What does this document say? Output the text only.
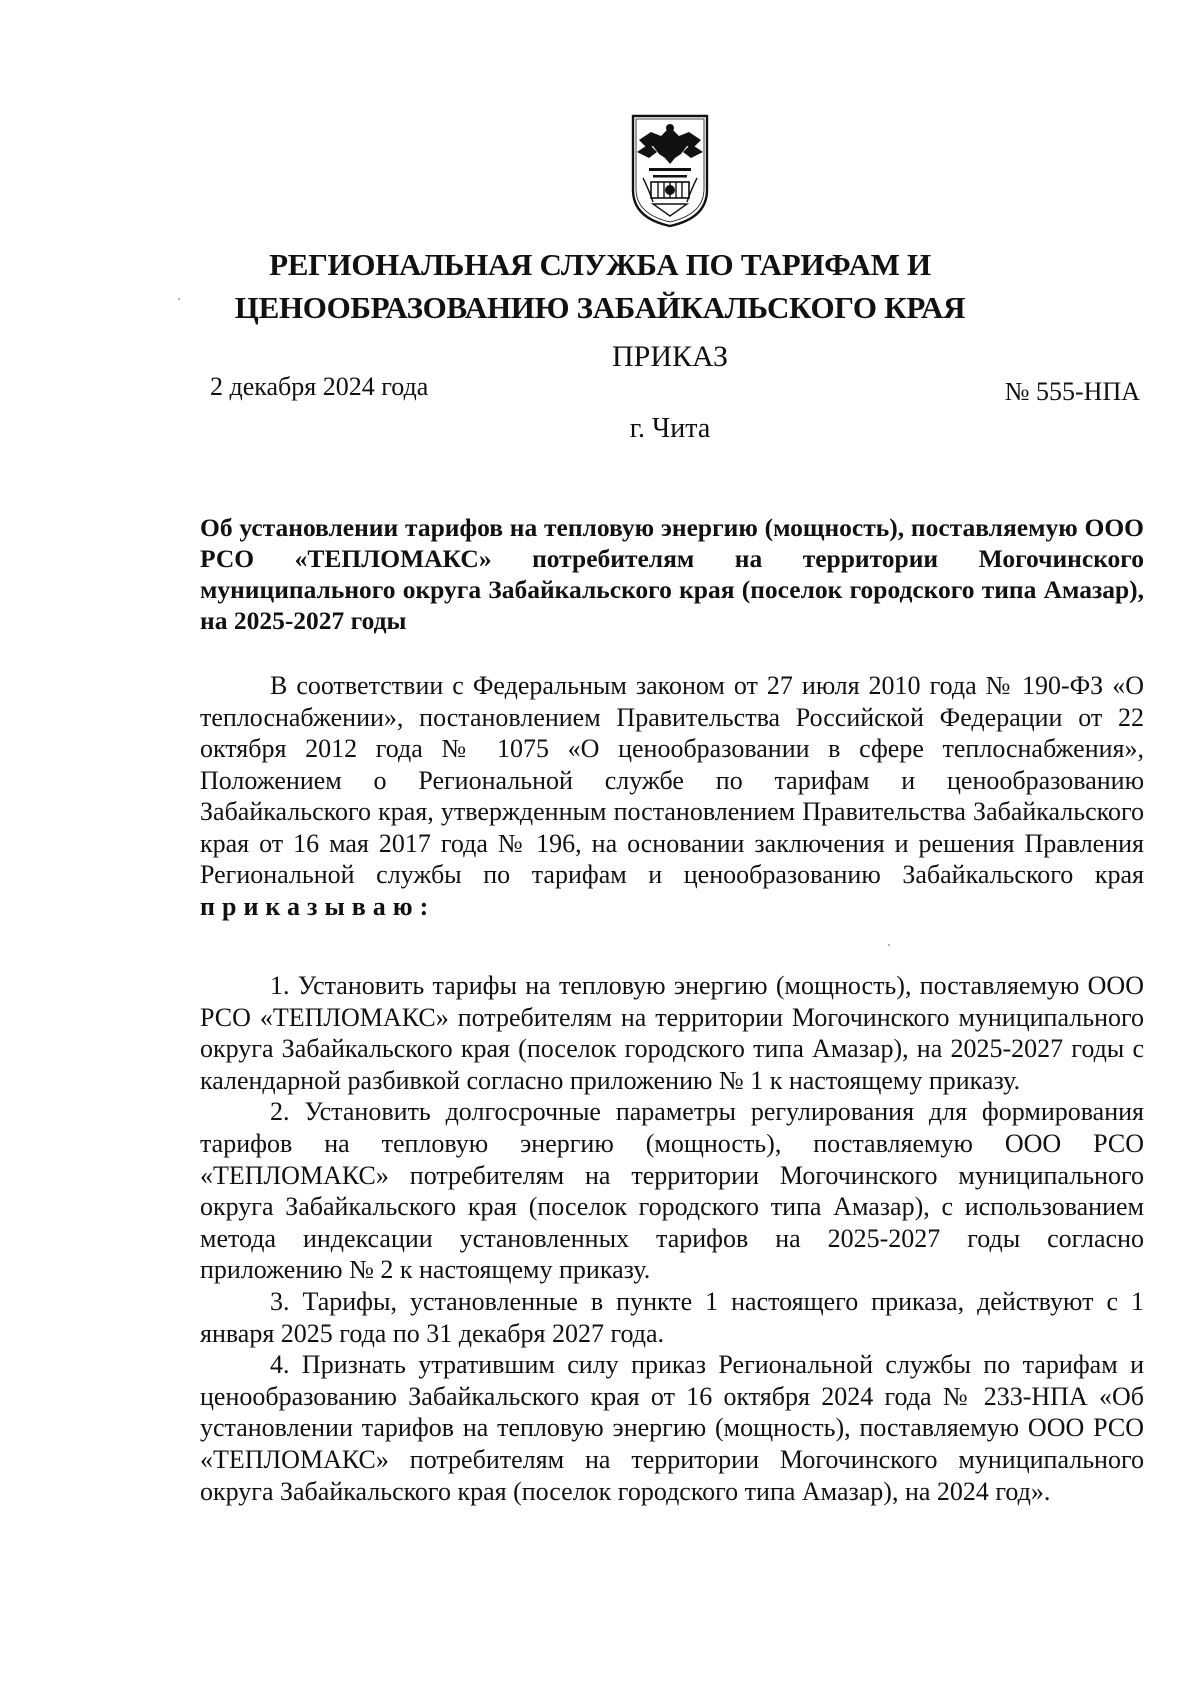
РЕГИОНАЛЬНАЯ СЛУЖБА ПО ТАРИФАМ И
ЦЕНООБРАЗОВАНИЮ ЗАБАЙКАЛЬСКОГО КРАЯ
ПРИКАЗ
2 декабря 2024 года	№ 555-НПА
г. Чита
Об установлении тарифов на тепловую энергию (мощность), поставляемую ООО РСО «ТЕПЛОМАКС» потребителям на территории Могочинского муниципального округа Забайкальского края (поселок городского типа Амазар), на 2025-2027 годы

В соответствии с Федеральным законом от 27 июля 2010 года № 190-ФЗ «О теплоснабжении», постановлением Правительства Российской Федерации от 22 октября 2012 года № 1075 «О ценообразовании в сфере теплоснабжения», Положением о Региональной службе по тарифам и ценообразованию Забайкальского края, утвержденным постановлением Правительства Забайкальского края от 16 мая 2017 года № 196, на основании заключения и решения Правления Региональной службы по тарифам и ценообразованию Забайкальского края приказываю:

1. Установить тарифы на тепловую энергию (мощность), поставляемую ООО РСО «ТЕПЛОМАКС» потребителям на территории Могочинского муниципального округа Забайкальского края (поселок городского типа Амазар), на 2025-2027 годы с календарной разбивкой согласно приложению № 1 к настоящему приказу.

2. Установить долгосрочные параметры регулирования для формирования тарифов на тепловую энергию (мощность), поставляемую ООО РСО «ТЕПЛОМАКС» потребителям на территории Могочинского муниципального округа Забайкальского края (поселок городского типа Амазар), с использованием метода индексации установленных тарифов на 2025-2027 годы согласно приложению № 2 к настоящему приказу.

3. Тарифы, установленные в пункте 1 настоящего приказа, действуют с 1 января 2025 года по 31 декабря 2027 года.

4. Признать утратившим силу приказ Региональной службы по тарифам и ценообразованию Забайкальского края от 16 октября 2024 года № 233-НПА «Об установлении тарифов на тепловую энергию (мощность), поставляемую ООО РСО «ТЕПЛОМАКС» потребителям на территории Могочинского муниципального округа Забайкальского края (поселок городского типа Амазар), на 2024 год».
